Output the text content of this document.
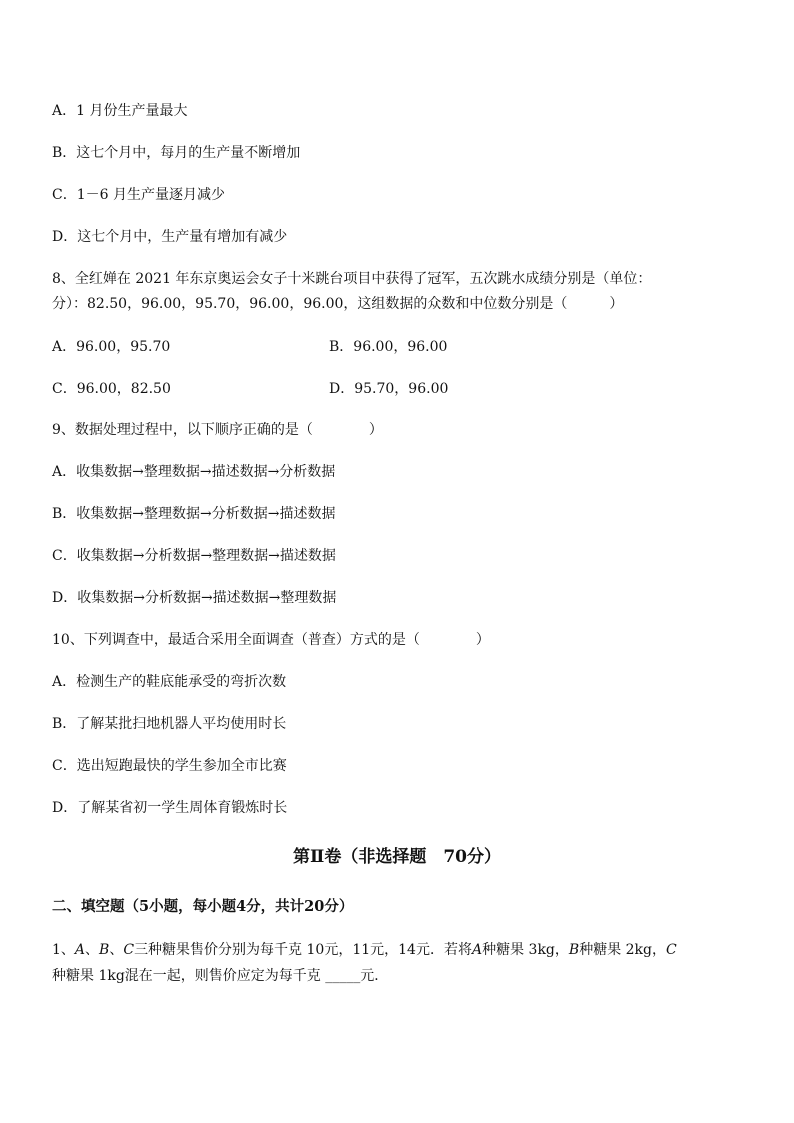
A．1 月份生产量最大
B．这七个月中，每月的生产量不断增加
C．1－6 月生产量逐月减少
D．这七个月中，生产量有增加有减少
8、全红婵在 2021 年东京奥运会女子十米跳台项目中获得了冠军，五次跳水成绩分别是（单位：
分）：82.50，96.00，95.70，96.00，96.00，这组数据的众数和中位数分别是（　　　）
A．96.00，95.70	B．96.00，96.00
C．96.00，82.50	D．95.70，96.00
9、数据处理过程中，以下顺序正确的是（　　　　）
A．收集数据→整理数据→描述数据→分析数据
B．收集数据→整理数据→分析数据→描述数据
C．收集数据→分析数据→整理数据→描述数据
D．收集数据→分析数据→描述数据→整理数据
10、下列调查中，最适合采用全面调查（普查）方式的是（　　　　）
A．检测生产的鞋底能承受的弯折次数
B．了解某批扫地机器人平均使用时长
C．选出短跑最快的学生参加全市比赛
D．了解某省初一学生周体育锻炼时长
第Ⅱ卷（非选择题　70分）
二、填空题（5小题，每小题4分，共计20分）
1、A、B、C三种糖果售价分别为每千克 10元，11元，14元．若将A种糖果 3kg，B种糖果 2kg，C
种糖果 1kg混在一起，则售价应定为每千克 _____元．
